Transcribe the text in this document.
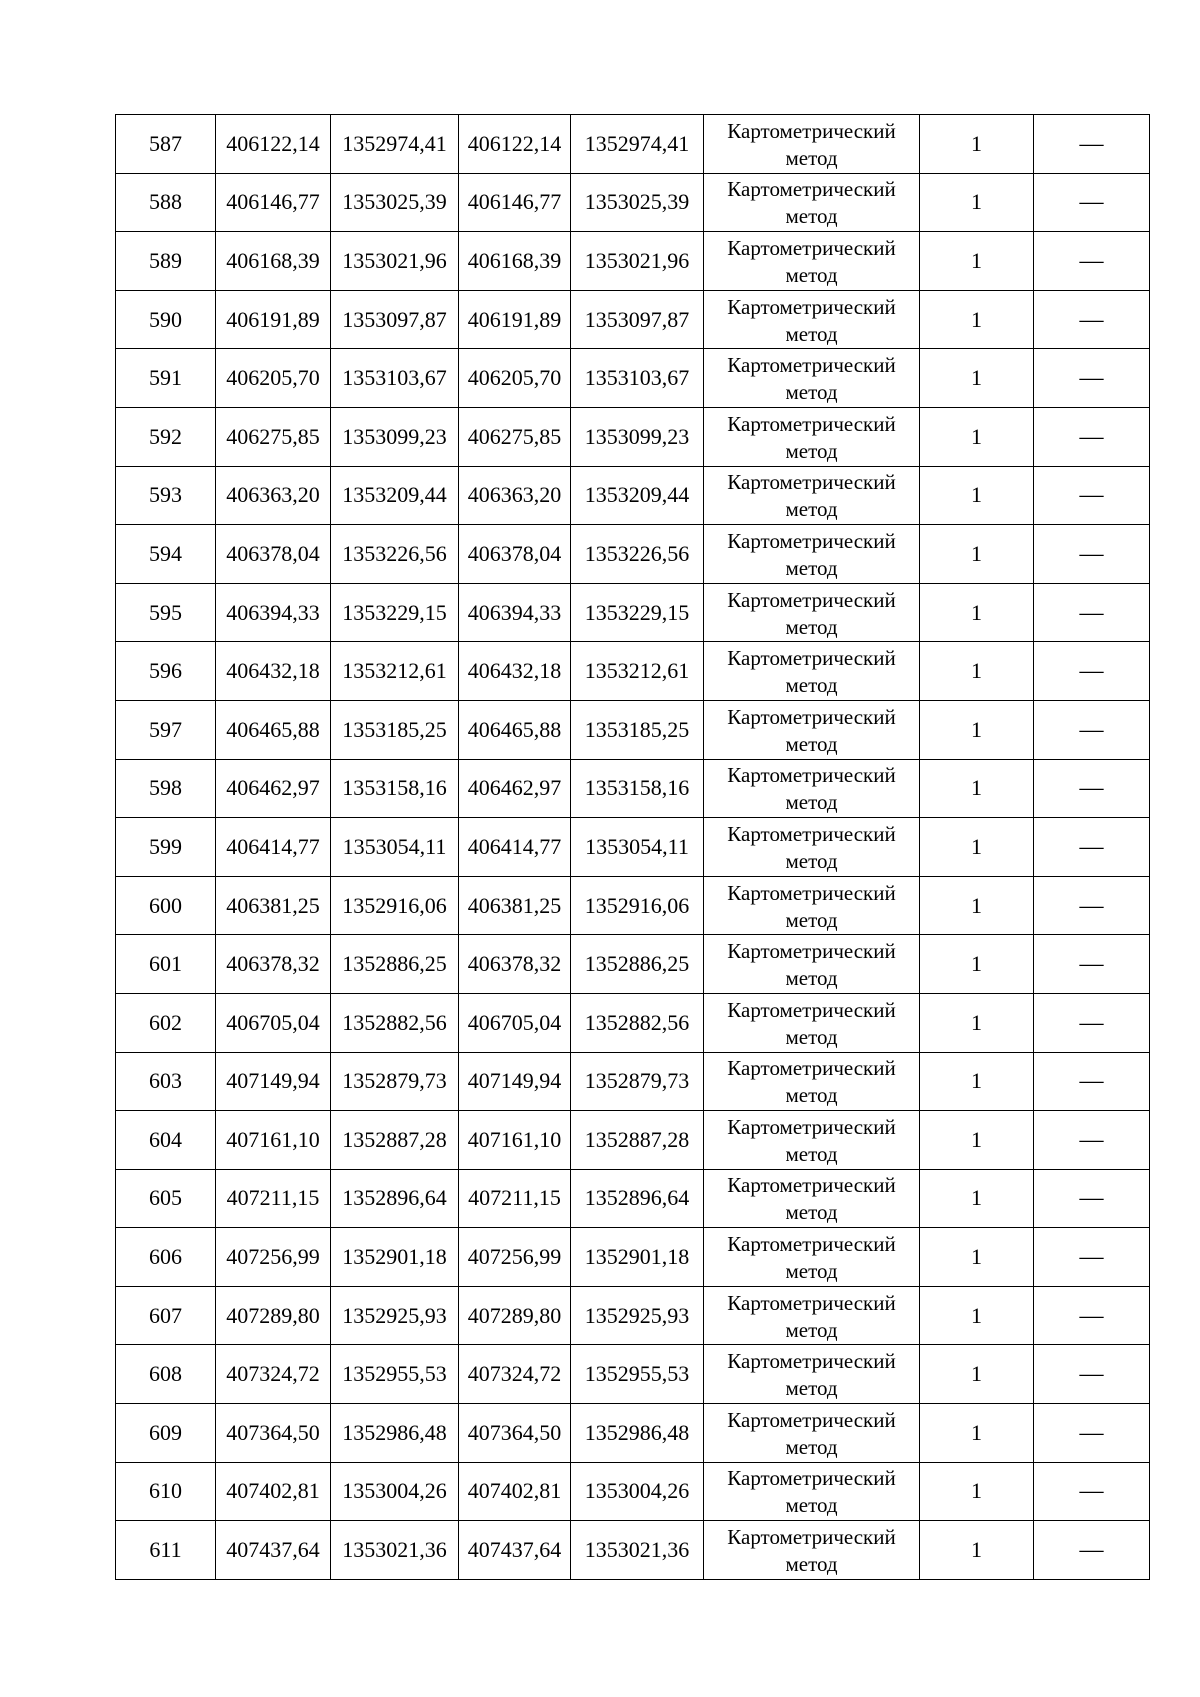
587	406122,14	1352974,41	406122,14	1352974,41	Картометрический
метод	1	—
588	406146,77	1353025,39	406146,77	1353025,39	Картометрический
метод	1	—
589	406168,39	1353021,96	406168,39	1353021,96	Картометрический
метод	1	—
590	406191,89	1353097,87	406191,89	1353097,87	Картометрический
метод	1	—
591	406205,70	1353103,67	406205,70	1353103,67	Картометрический
метод	1	—
592	406275,85	1353099,23	406275,85	1353099,23	Картометрический
метод	1	—
593	406363,20	1353209,44	406363,20	1353209,44	Картометрический
метод	1	—
594	406378,04	1353226,56	406378,04	1353226,56	Картометрический
метод	1	—
595	406394,33	1353229,15	406394,33	1353229,15	Картометрический
метод	1	—
596	406432,18	1353212,61	406432,18	1353212,61	Картометрический
метод	1	—
597	406465,88	1353185,25	406465,88	1353185,25	Картометрический
метод	1	—
598	406462,97	1353158,16	406462,97	1353158,16	Картометрический
метод	1	—
599	406414,77	1353054,11	406414,77	1353054,11	Картометрический
метод	1	—
600	406381,25	1352916,06	406381,25	1352916,06	Картометрический
метод	1	—
601	406378,32	1352886,25	406378,32	1352886,25	Картометрический
метод	1	—
602	406705,04	1352882,56	406705,04	1352882,56	Картометрический
метод	1	—
603	407149,94	1352879,73	407149,94	1352879,73	Картометрический
метод	1	—
604	407161,10	1352887,28	407161,10	1352887,28	Картометрический
метод	1	—
605	407211,15	1352896,64	407211,15	1352896,64	Картометрический
метод	1	—
606	407256,99	1352901,18	407256,99	1352901,18	Картометрический
метод	1	—
607	407289,80	1352925,93	407289,80	1352925,93	Картометрический
метод	1	—
608	407324,72	1352955,53	407324,72	1352955,53	Картометрический
метод	1	—
609	407364,50	1352986,48	407364,50	1352986,48	Картометрический
метод	1	—
610	407402,81	1353004,26	407402,81	1353004,26	Картометрический
метод	1	—
611	407437,64	1353021,36	407437,64	1353021,36	Картометрический
метод	1	—
